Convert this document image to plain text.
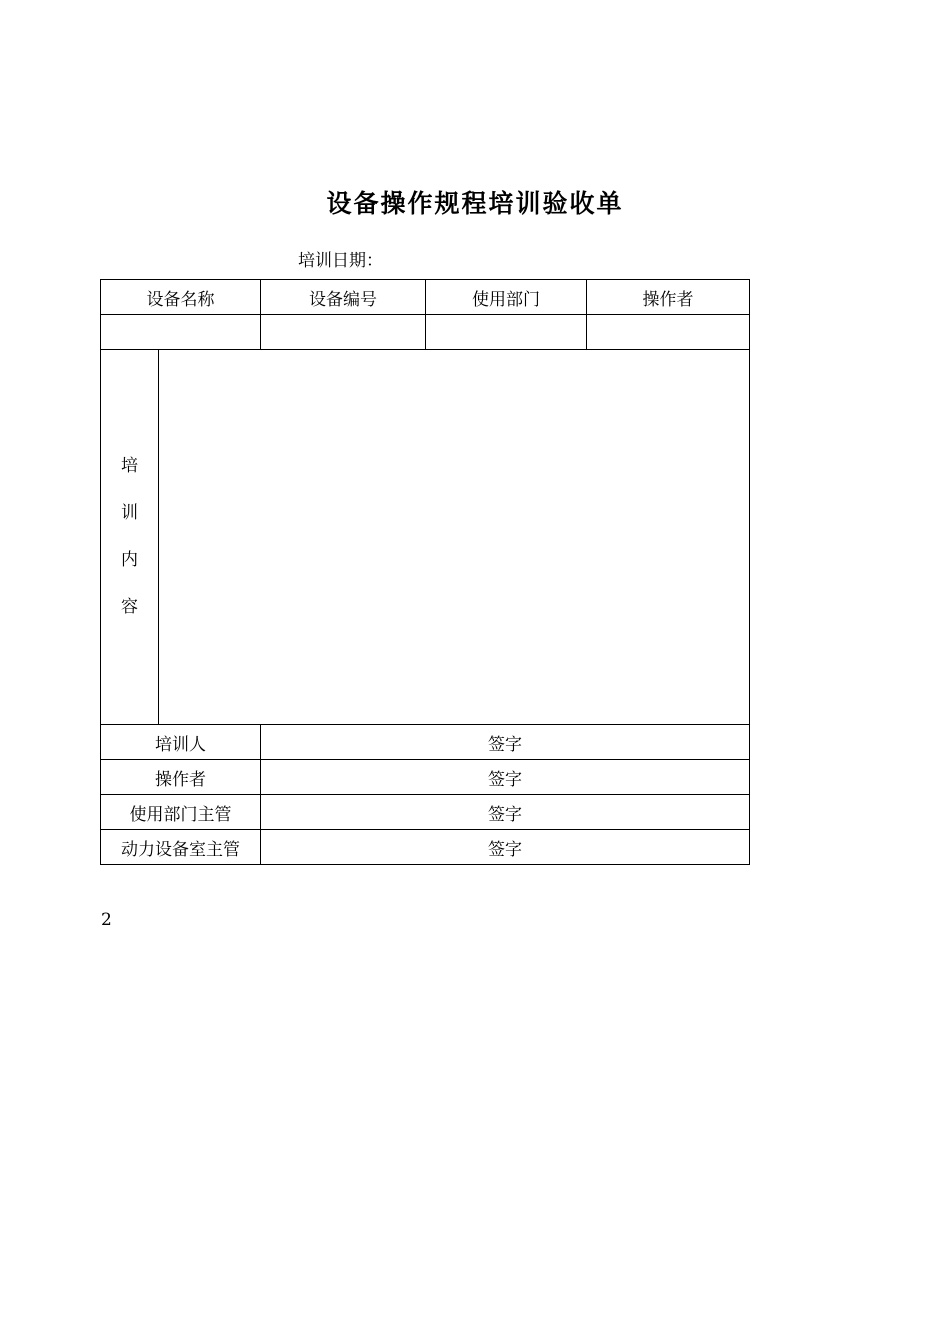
设备操作规程培训验收单
培训日期：
设备名称	设备编号	使用部门	操作者

培
训
内
容			

培训人	签字		
操作者	签字		
使用部门主管	签字		
动力设备室主管	签字		
2
